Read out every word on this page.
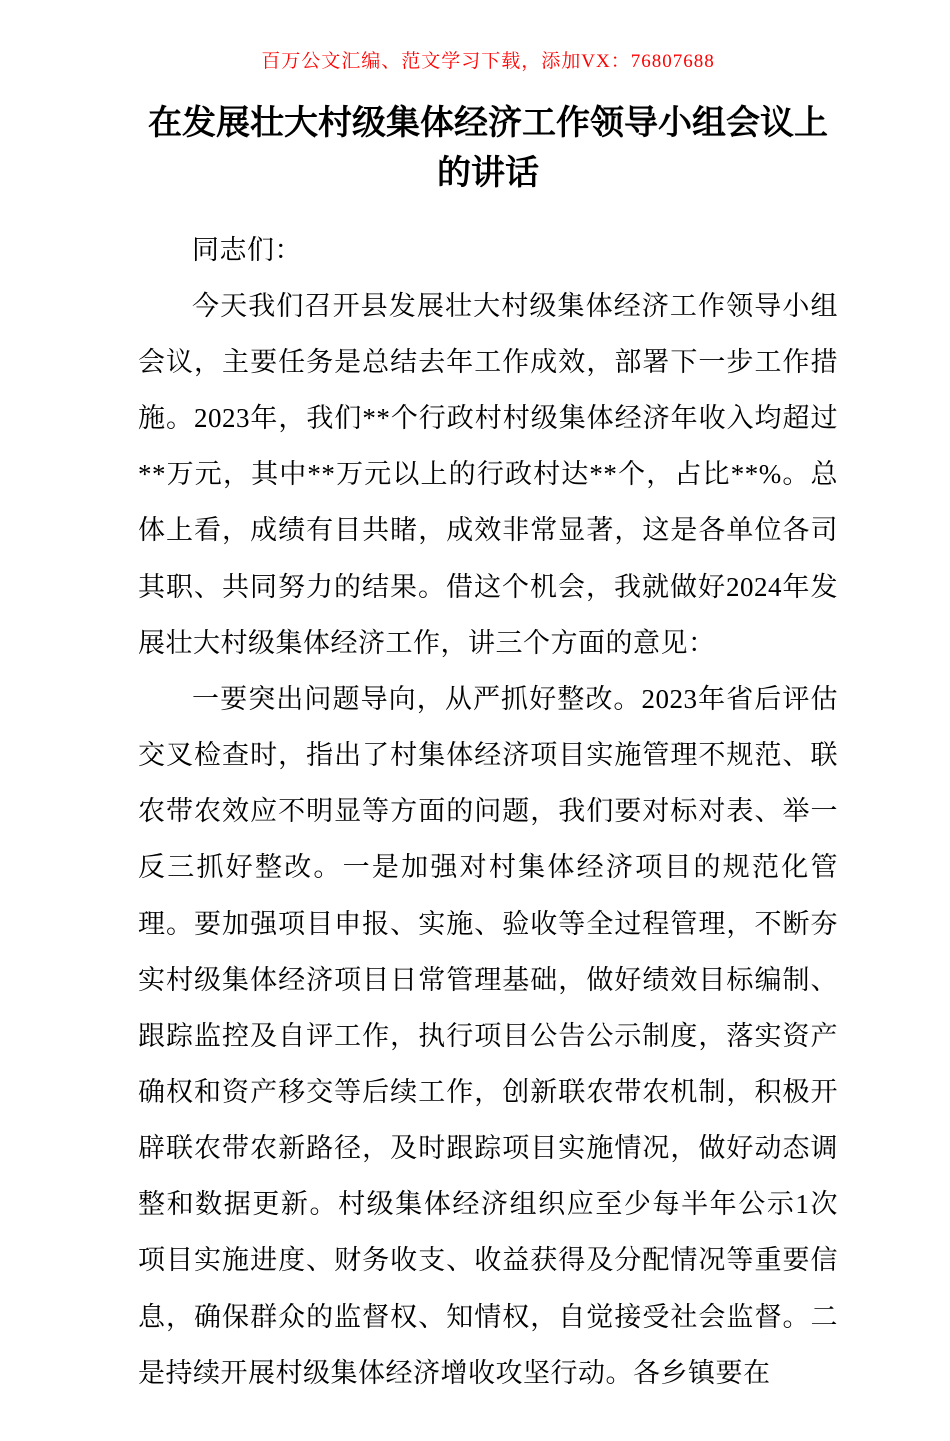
百万公文汇编、范文学习下载，添加VX：76807688
在发展壮大村级集体经济工作领导小组会议上的讲话

同志们：

今天我们召开县发展壮大村级集体经济工作领导小组会议，主要任务是总结去年工作成效，部署下一步工作措施。2023年，我们**个行政村村级集体经济年收入均超过**万元，其中**万元以上的行政村达**个，占比**%。总体上看，成绩有目共睹，成效非常显著，这是各单位各司其职、共同努力的结果。借这个机会，我就做好2024年发展壮大村级集体经济工作，讲三个方面的意见：

一要突出问题导向，从严抓好整改。2023年省后评估交叉检查时，指出了村集体经济项目实施管理不规范、联农带农效应不明显等方面的问题，我们要对标对表、举一反三抓好整改。一是加强对村集体经济项目的规范化管理。要加强项目申报、实施、验收等全过程管理，不断夯实村级集体经济项目日常管理基础，做好绩效目标编制、跟踪监控及自评工作，执行项目公告公示制度，落实资产确权和资产移交等后续工作，创新联农带农机制，积极开辟联农带农新路径，及时跟踪项目实施情况，做好动态调整和数据更新。村级集体经济组织应至少每半年公示1次项目实施进度、财务收支、收益获得及分配情况等重要信息，确保群众的监督权、知情权，自觉接受社会监督。二是持续开展村级集体经济增收攻坚行动。各乡镇要在
